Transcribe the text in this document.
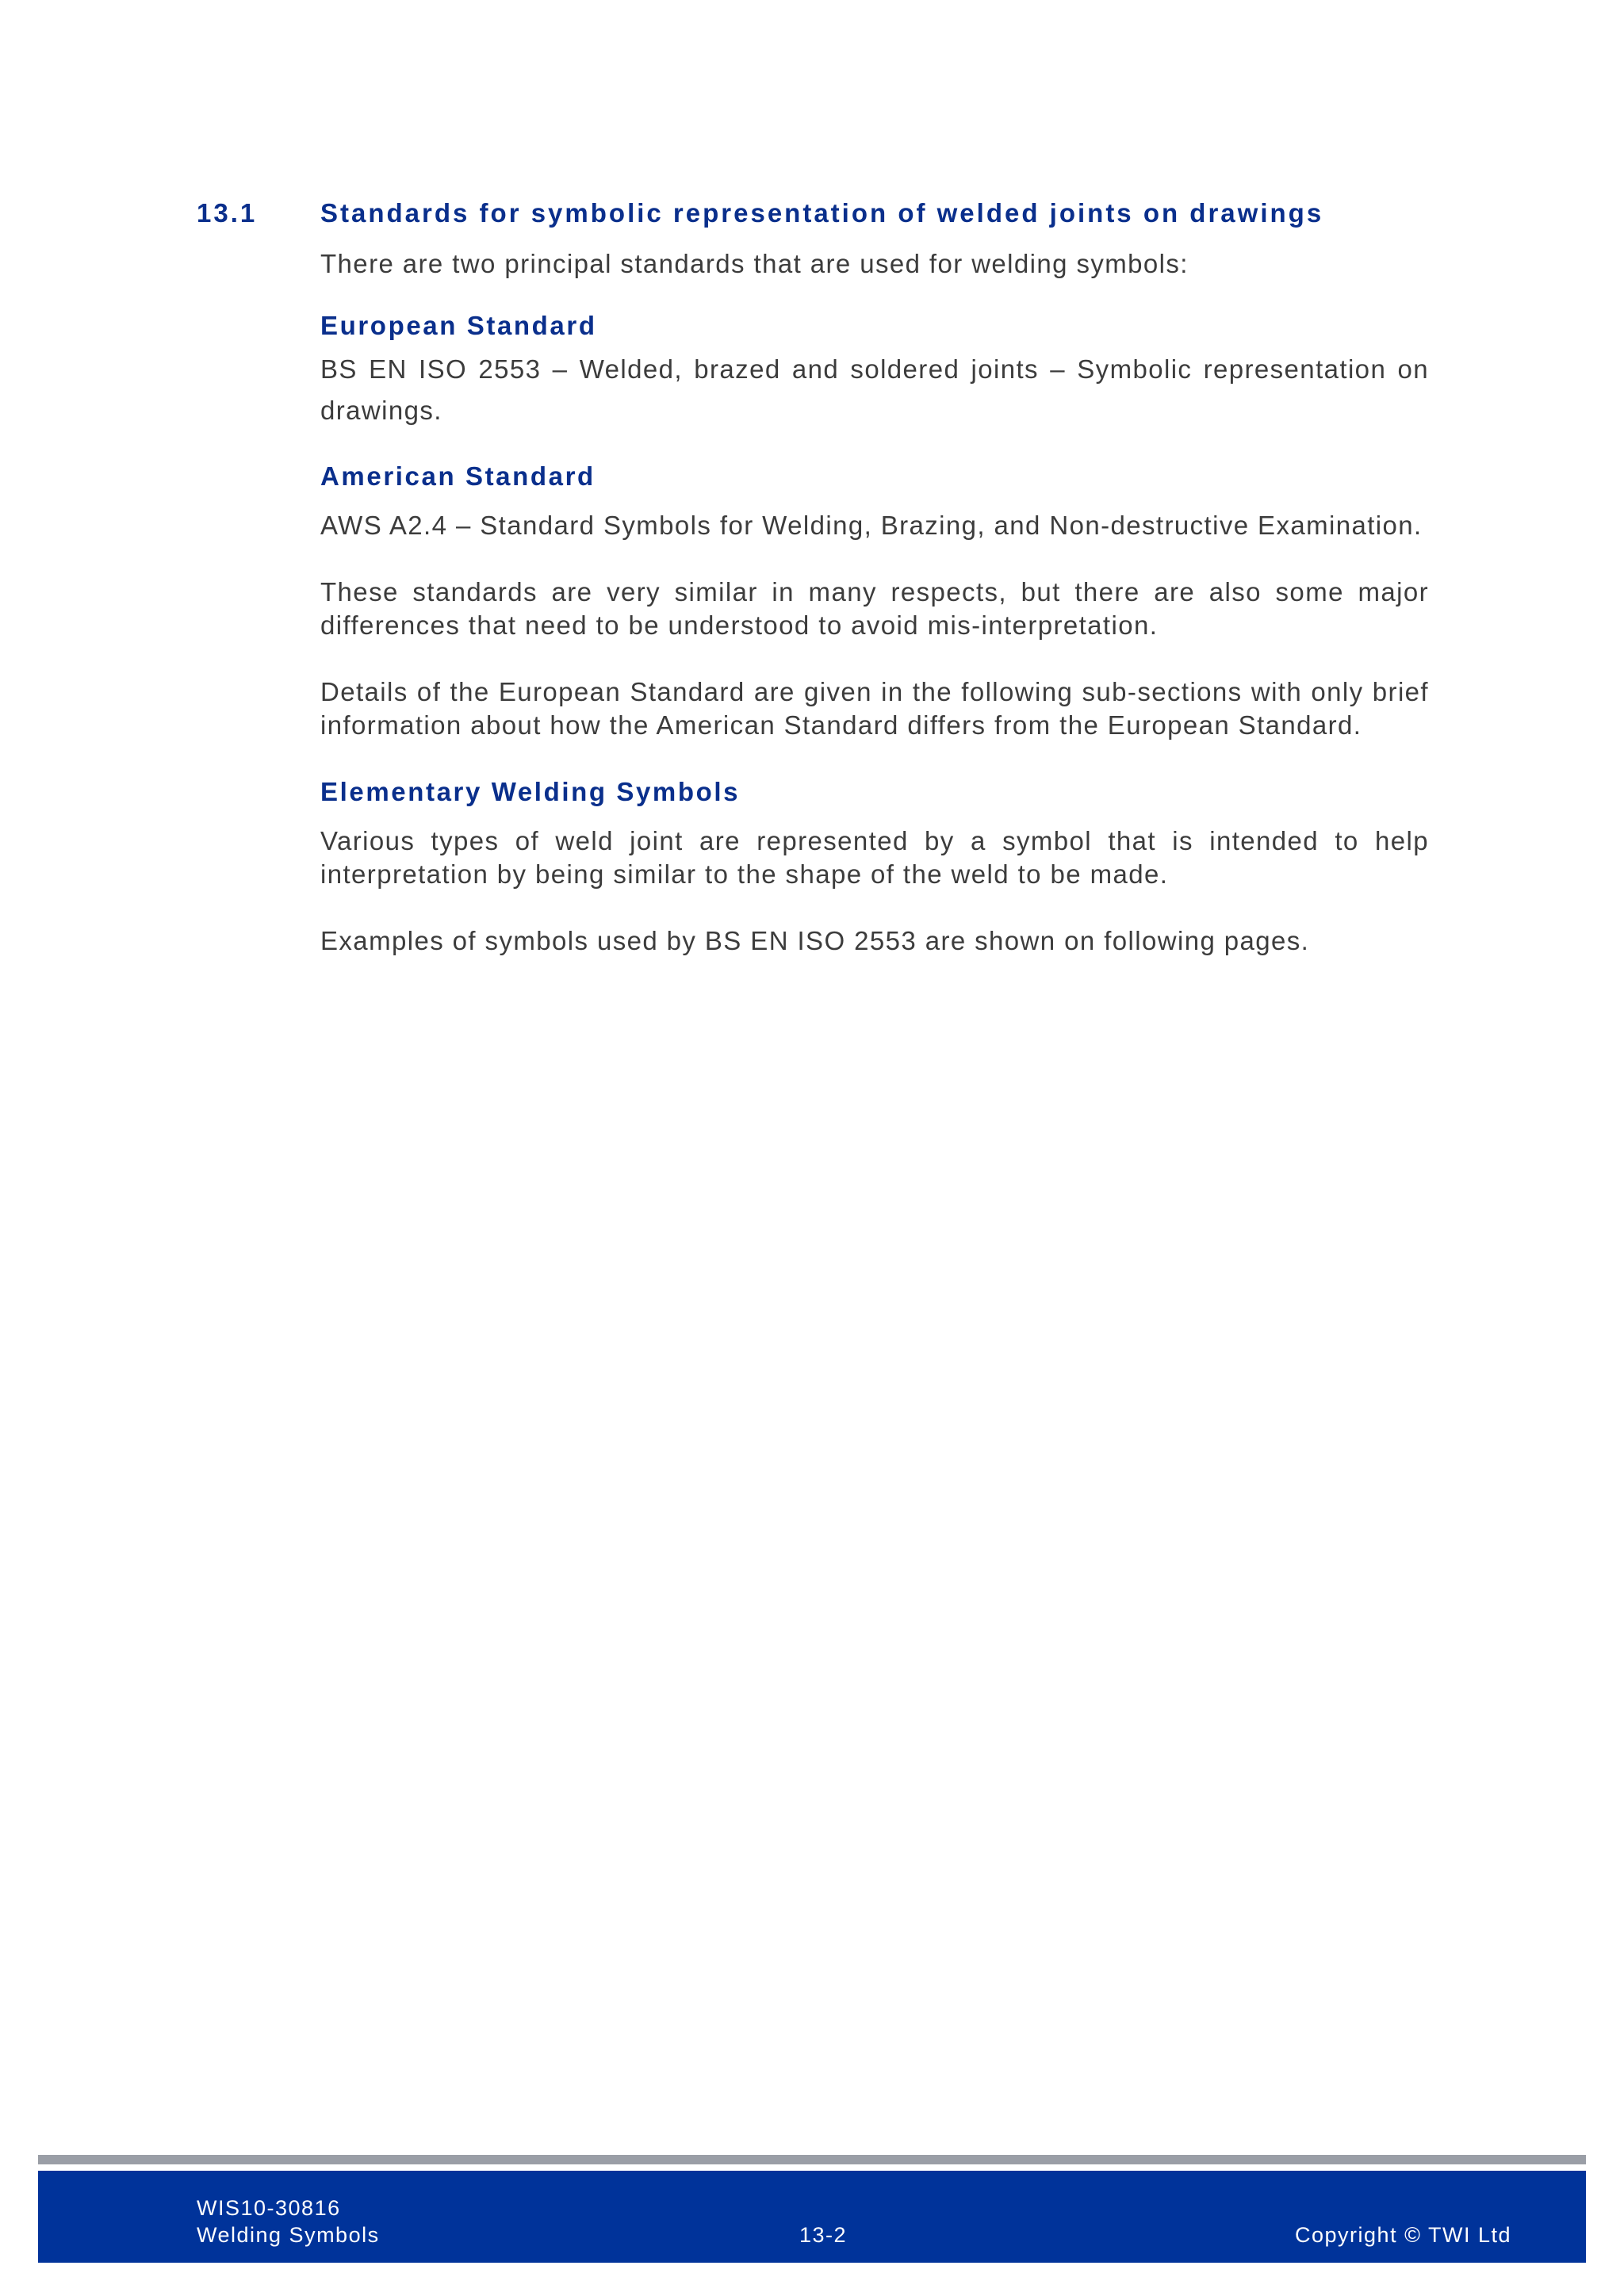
13.1 Standards for symbolic representation of welded joints on drawings

There are two principal standards that are used for welding symbols:

European Standard

BS EN ISO 2553 – Welded, brazed and soldered joints – Symbolic representation on drawings.

American Standard

AWS A2.4 – Standard Symbols for Welding, Brazing, and Non-destructive Examination.

These standards are very similar in many respects, but there are also some major differences that need to be understood to avoid mis-interpretation.

Details of the European Standard are given in the following sub-sections with only brief information about how the American Standard differs from the European Standard.

Elementary Welding Symbols

Various types of weld joint are represented by a symbol that is intended to help interpretation by being similar to the shape of the weld to be made.

Examples of symbols used by BS EN ISO 2553 are shown on following pages.

WIS10-30816
Welding Symbols	13-2	Copyright © TWI Ltd
